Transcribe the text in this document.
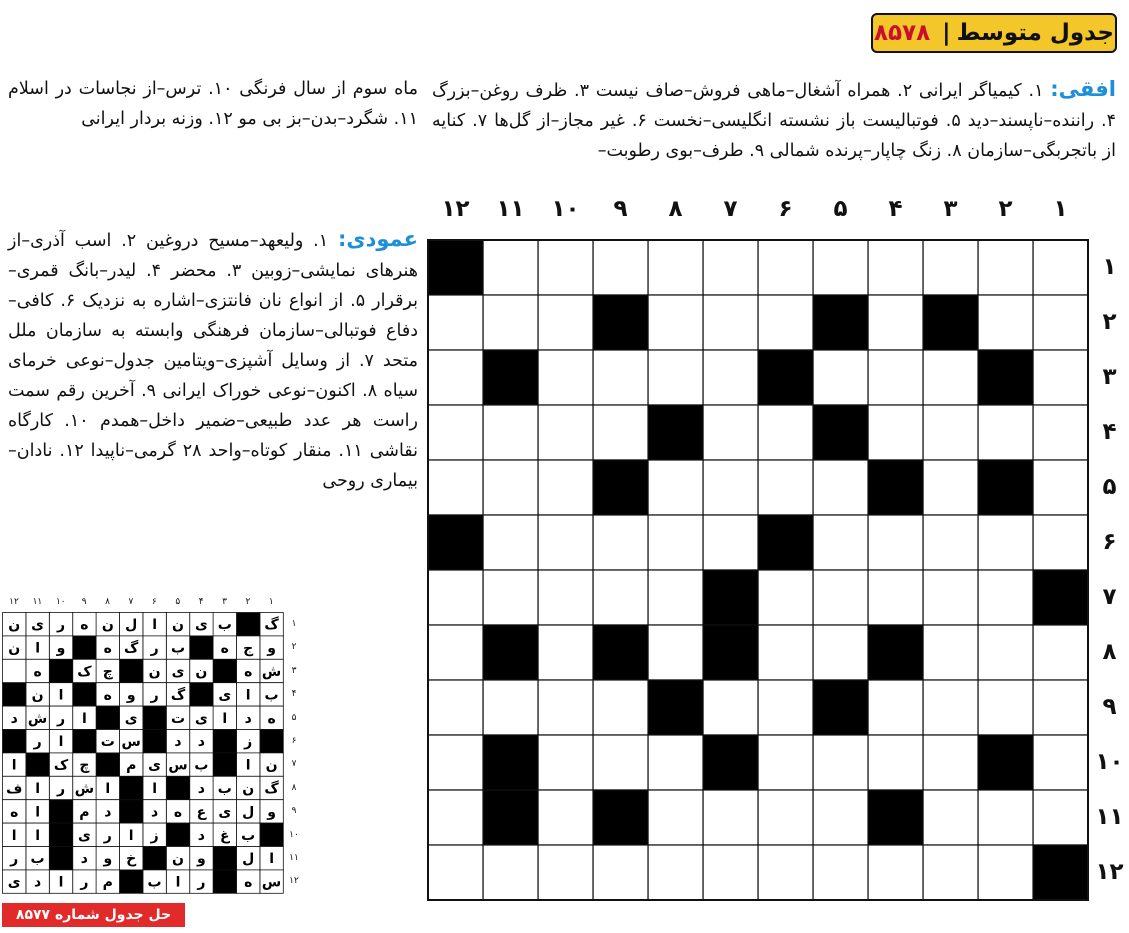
جدول متوسط
|
۸۵۷۸
افقی: ۱. کیمیاگر ایرانی ۲. همراه آشغال–ماهی فروش–صاف نیست ۳. ظرف روغن–بزرگ ۴. راننده–ناپسند–دید ۵. فوتبالیست باز نشسته انگلیسی–نخست ۶. غیر مجاز–از گل‌ها ۷. کنایه از باتجربگی–سازمان ۸. زنگ چاپار–پرنده شمالی ۹. طرف–بوی رطوبت–
ماه سوم از سال فرنگی ۱۰. ترس–از نجاسات در اسلام ۱۱. شگرد–بدن–بز بی مو ۱۲. وزنه بردار ایرانی
عمودی: ۱. ولیعهد–مسیح دروغین ۲. اسب آذری–از هنرهای نمایشی–زوبین ۳. محضر ۴. لیدر–بانگ قمری–برقرار ۵. از انواع نان فانتزی–اشاره به نزدیک ۶. کافی–دفاع فوتبالی–سازمان فرهنگی وابسته به سازمان ملل متحد ۷. از وسایل آشپزی–ویتامین جدول–نوعی خرمای سیاه ۸. اکنون–نوعی خوراک ایرانی ۹. آخرین رقم سمت راست هر عدد طبیعی–ضمیر داخل–همدم ۱۰. کارگاه نقاشی ۱۱. منقار کوتاه–واحد ۲۸ گرمی–ناپیدا ۱۲. نادان–بیماری روحی
۱
۲
۳
۴
۵
۶
۷
۸
۹
۱۰
۱۱
۱۲
۱
۲
۳
۴
۵
۶
۷
۸
۹
۱۰
۱۱
۱۲
۱
۲
۳
۴
۵
۶
۷
۸
۹
۱۰
۱۱
۱۲
۱
۲
۳
۴
۵
۶
۷
۸
۹
۱۰
۱۱
۱۲
گ
ب
ی
ن
ا
ل
ن
ه
ر
ی
ن
و
ج
ه
ب
ر
گ
ه
و
ا
ن
ش
ه
ن
ی
ن
چ
ک
ه
ب
ا
ی
گ
ر
و
ه
ا
ن
ه
د
ا
ی
ت
ی
ا
ر
ش
د
ز
د
د
س
ت
ا
ر
ن
ا
ب
س
ی
م
چ
ک
ا
گ
ن
ب
د
ا
ا
ش
ر
ا
ف
و
ل
ی
ع
ه
د
د
م
ا
ه
ب
غ
د
ز
ا
ر
ی
ا
ا
ا
ل
و
ن
خ
و
د
ب
ر
س
ه
ر
ا
ب
م
ر
ا
د
ی
حل جدول شماره ۸۵۷۷
